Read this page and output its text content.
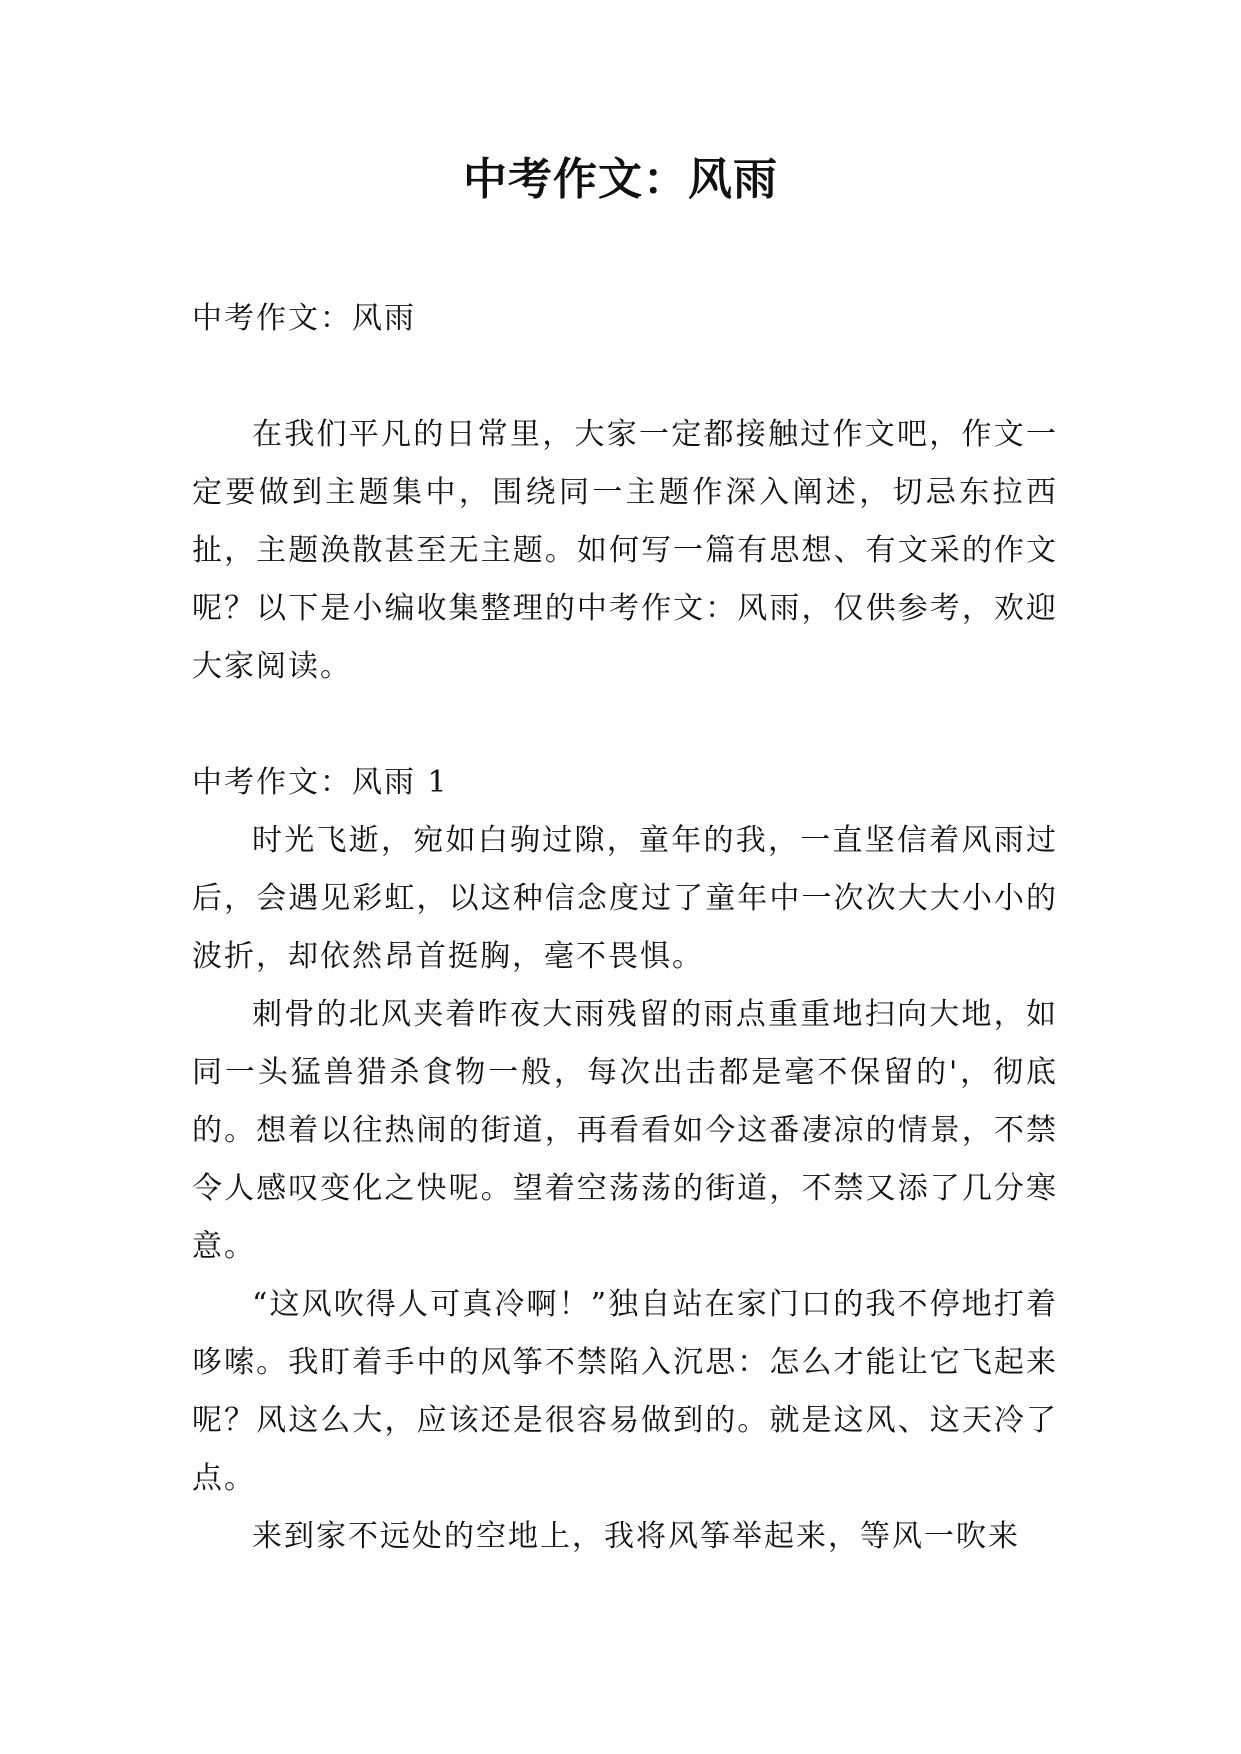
中考作文：风雨

中考作文：风雨

在我们平凡的日常里，大家一定都接触过作文吧，作文一定要做到主题集中，围绕同一主题作深入阐述，切忌东拉西扯，主题涣散甚至无主题。如何写一篇有思想、有文采的作文呢？以下是小编收集整理的中考作文：风雨，仅供参考，欢迎大家阅读。

中考作文：风雨 1

时光飞逝，宛如白驹过隙，童年的我，一直坚信着风雨过后，会遇见彩虹，以这种信念度过了童年中一次次大大小小的波折，却依然昂首挺胸，毫不畏惧。

刺骨的北风夹着昨夜大雨残留的雨点重重地扫向大地，如同一头猛兽猎杀食物一般，每次出击都是毫不保留的'，彻底的。想着以往热闹的街道，再看看如今这番凄凉的情景，不禁令人感叹变化之快呢。望着空荡荡的街道，不禁又添了几分寒意。

“这风吹得人可真冷啊！”独自站在家门口的我不停地打着哆嗦。我盯着手中的风筝不禁陷入沉思：怎么才能让它飞起来呢？风这么大，应该还是很容易做到的。就是这风、这天冷了点。

来到家不远处的空地上，我将风筝举起来，等风一吹来
